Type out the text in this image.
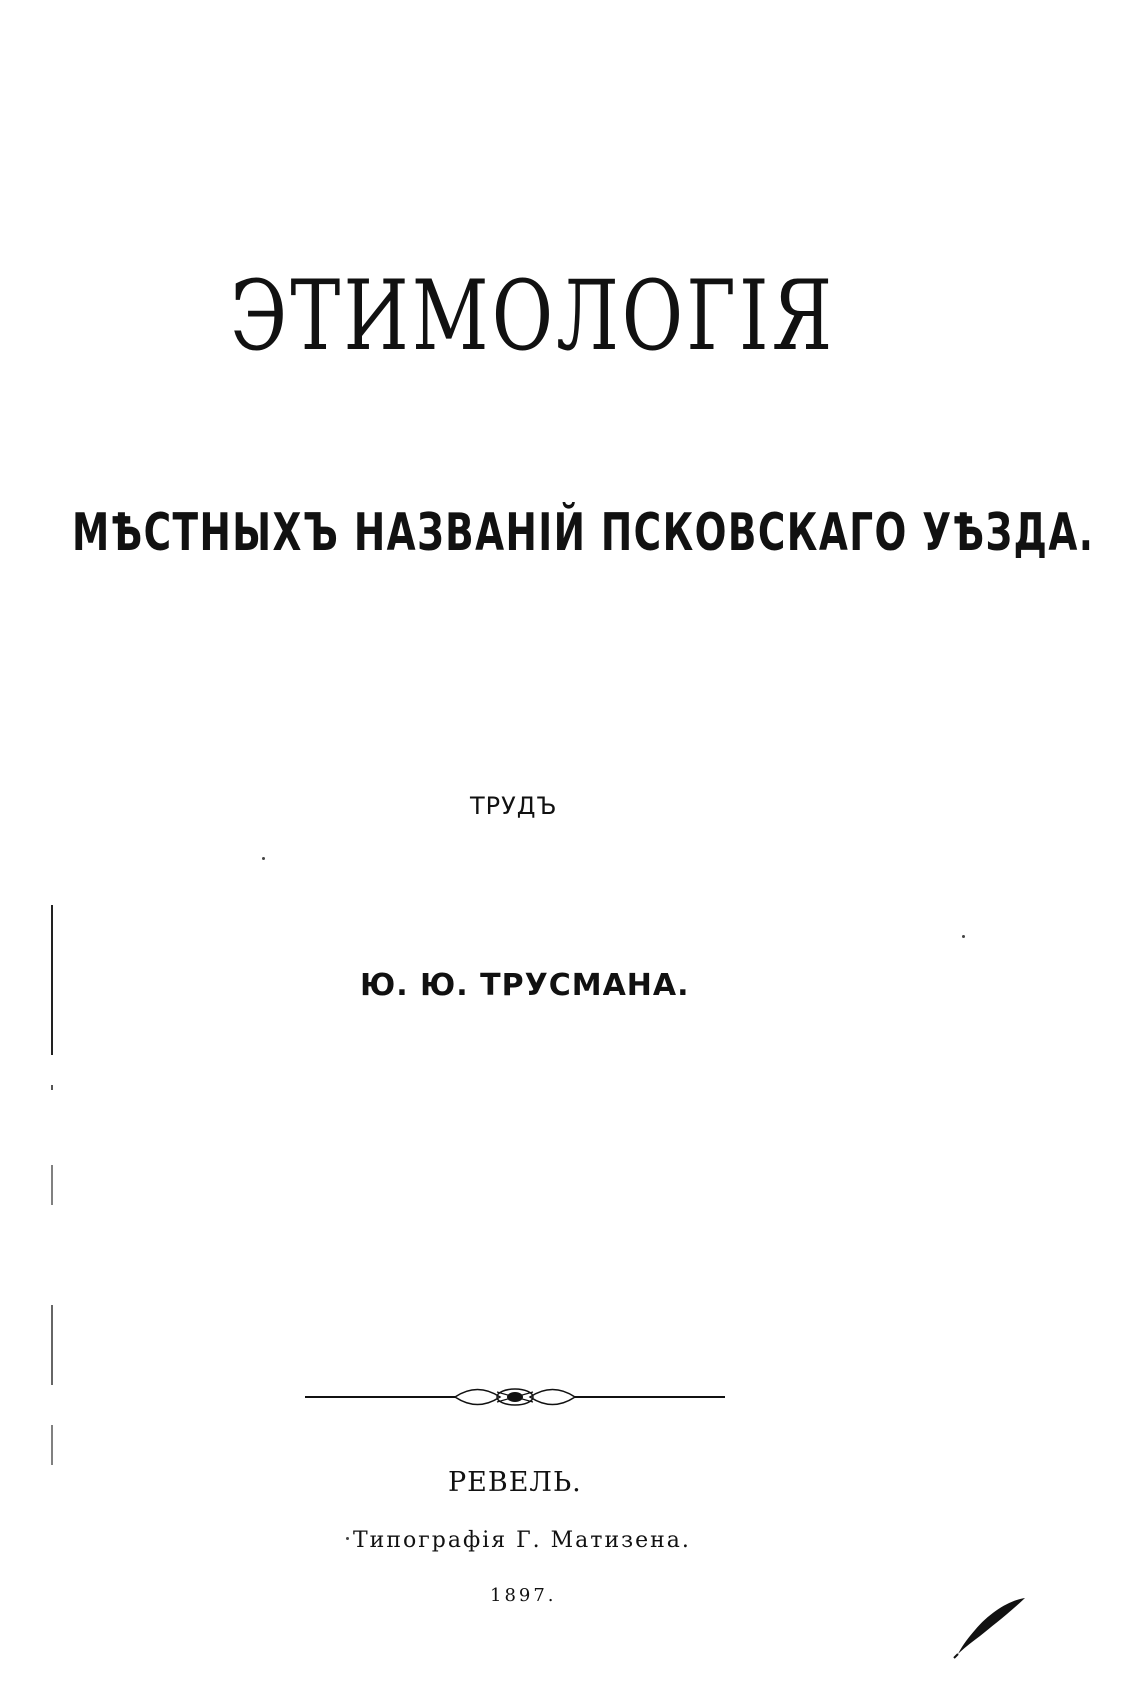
ЭТИМОЛОГІЯ
МѢСТНЫХЪ НАЗВАНІЙ ПСКОВСКАГО УѢЗДА.
ТРУДЪ
Ю. Ю. ТРУСМАНА.
РЕВЕЛЬ.
Типографія Г. Матизена.
1897.
